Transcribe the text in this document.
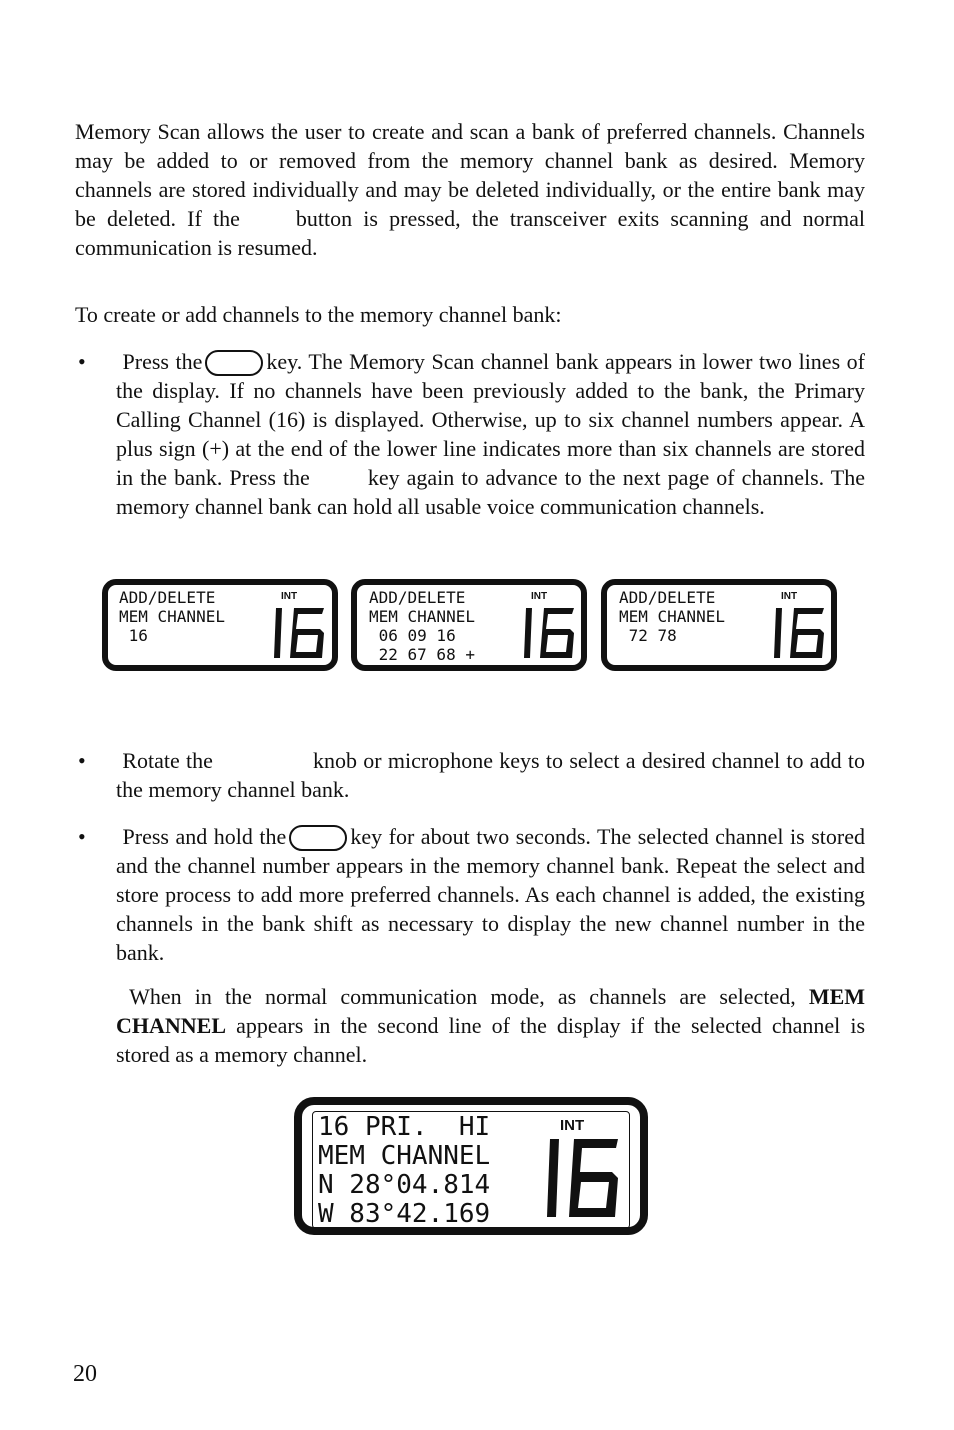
Memory Scan allows the user to create and scan a bank of preferred channels. Channels may be added to or removed from the memory channel bank as desired. Memory channels are stored individually and may be deleted individually, or the entire bank may be deleted. If the	button is pressed, the transceiver exits scanning and normal communication is resumed.

To create or add channels to the memory channel bank:

• Press the	key. The Memory Scan channel bank appears in lower two lines of the display. If no channels have been previously added to the bank, the Primary Calling Channel (16) is displayed. Otherwise, up to six channel numbers appear. A plus sign (+) at the end of the lower line indicates more than six channels are stored in the bank. Press the	key again to advance to the next page of channels. The memory channel bank can hold all usable voice communication channels.

ADD/DELETE
MEM CHANNEL
16
INT	ADD/DELETE
MEM CHANNEL
06 09 16
22 67 68 +
INT	ADD/DELETE
MEM CHANNEL
72 78
INT
• Rotate the	knob or microphone keys to select a desired channel to add to the memory channel bank.

• Press and hold the	key for about two seconds. The selected channel is stored and the channel number appears in the memory channel bank. Repeat the select and store process to add more preferred channels. As each channel is added, the existing channels in the bank shift as necessary to display the new channel number in the bank.

When in the normal communication mode, as channels are selected, MEM CHANNEL appears in the second line of the display if the selected channel is stored as a memory channel.

16 PRI.  HI
MEM CHANNEL
N 28°04.814
W 83°42.169
INT
20
